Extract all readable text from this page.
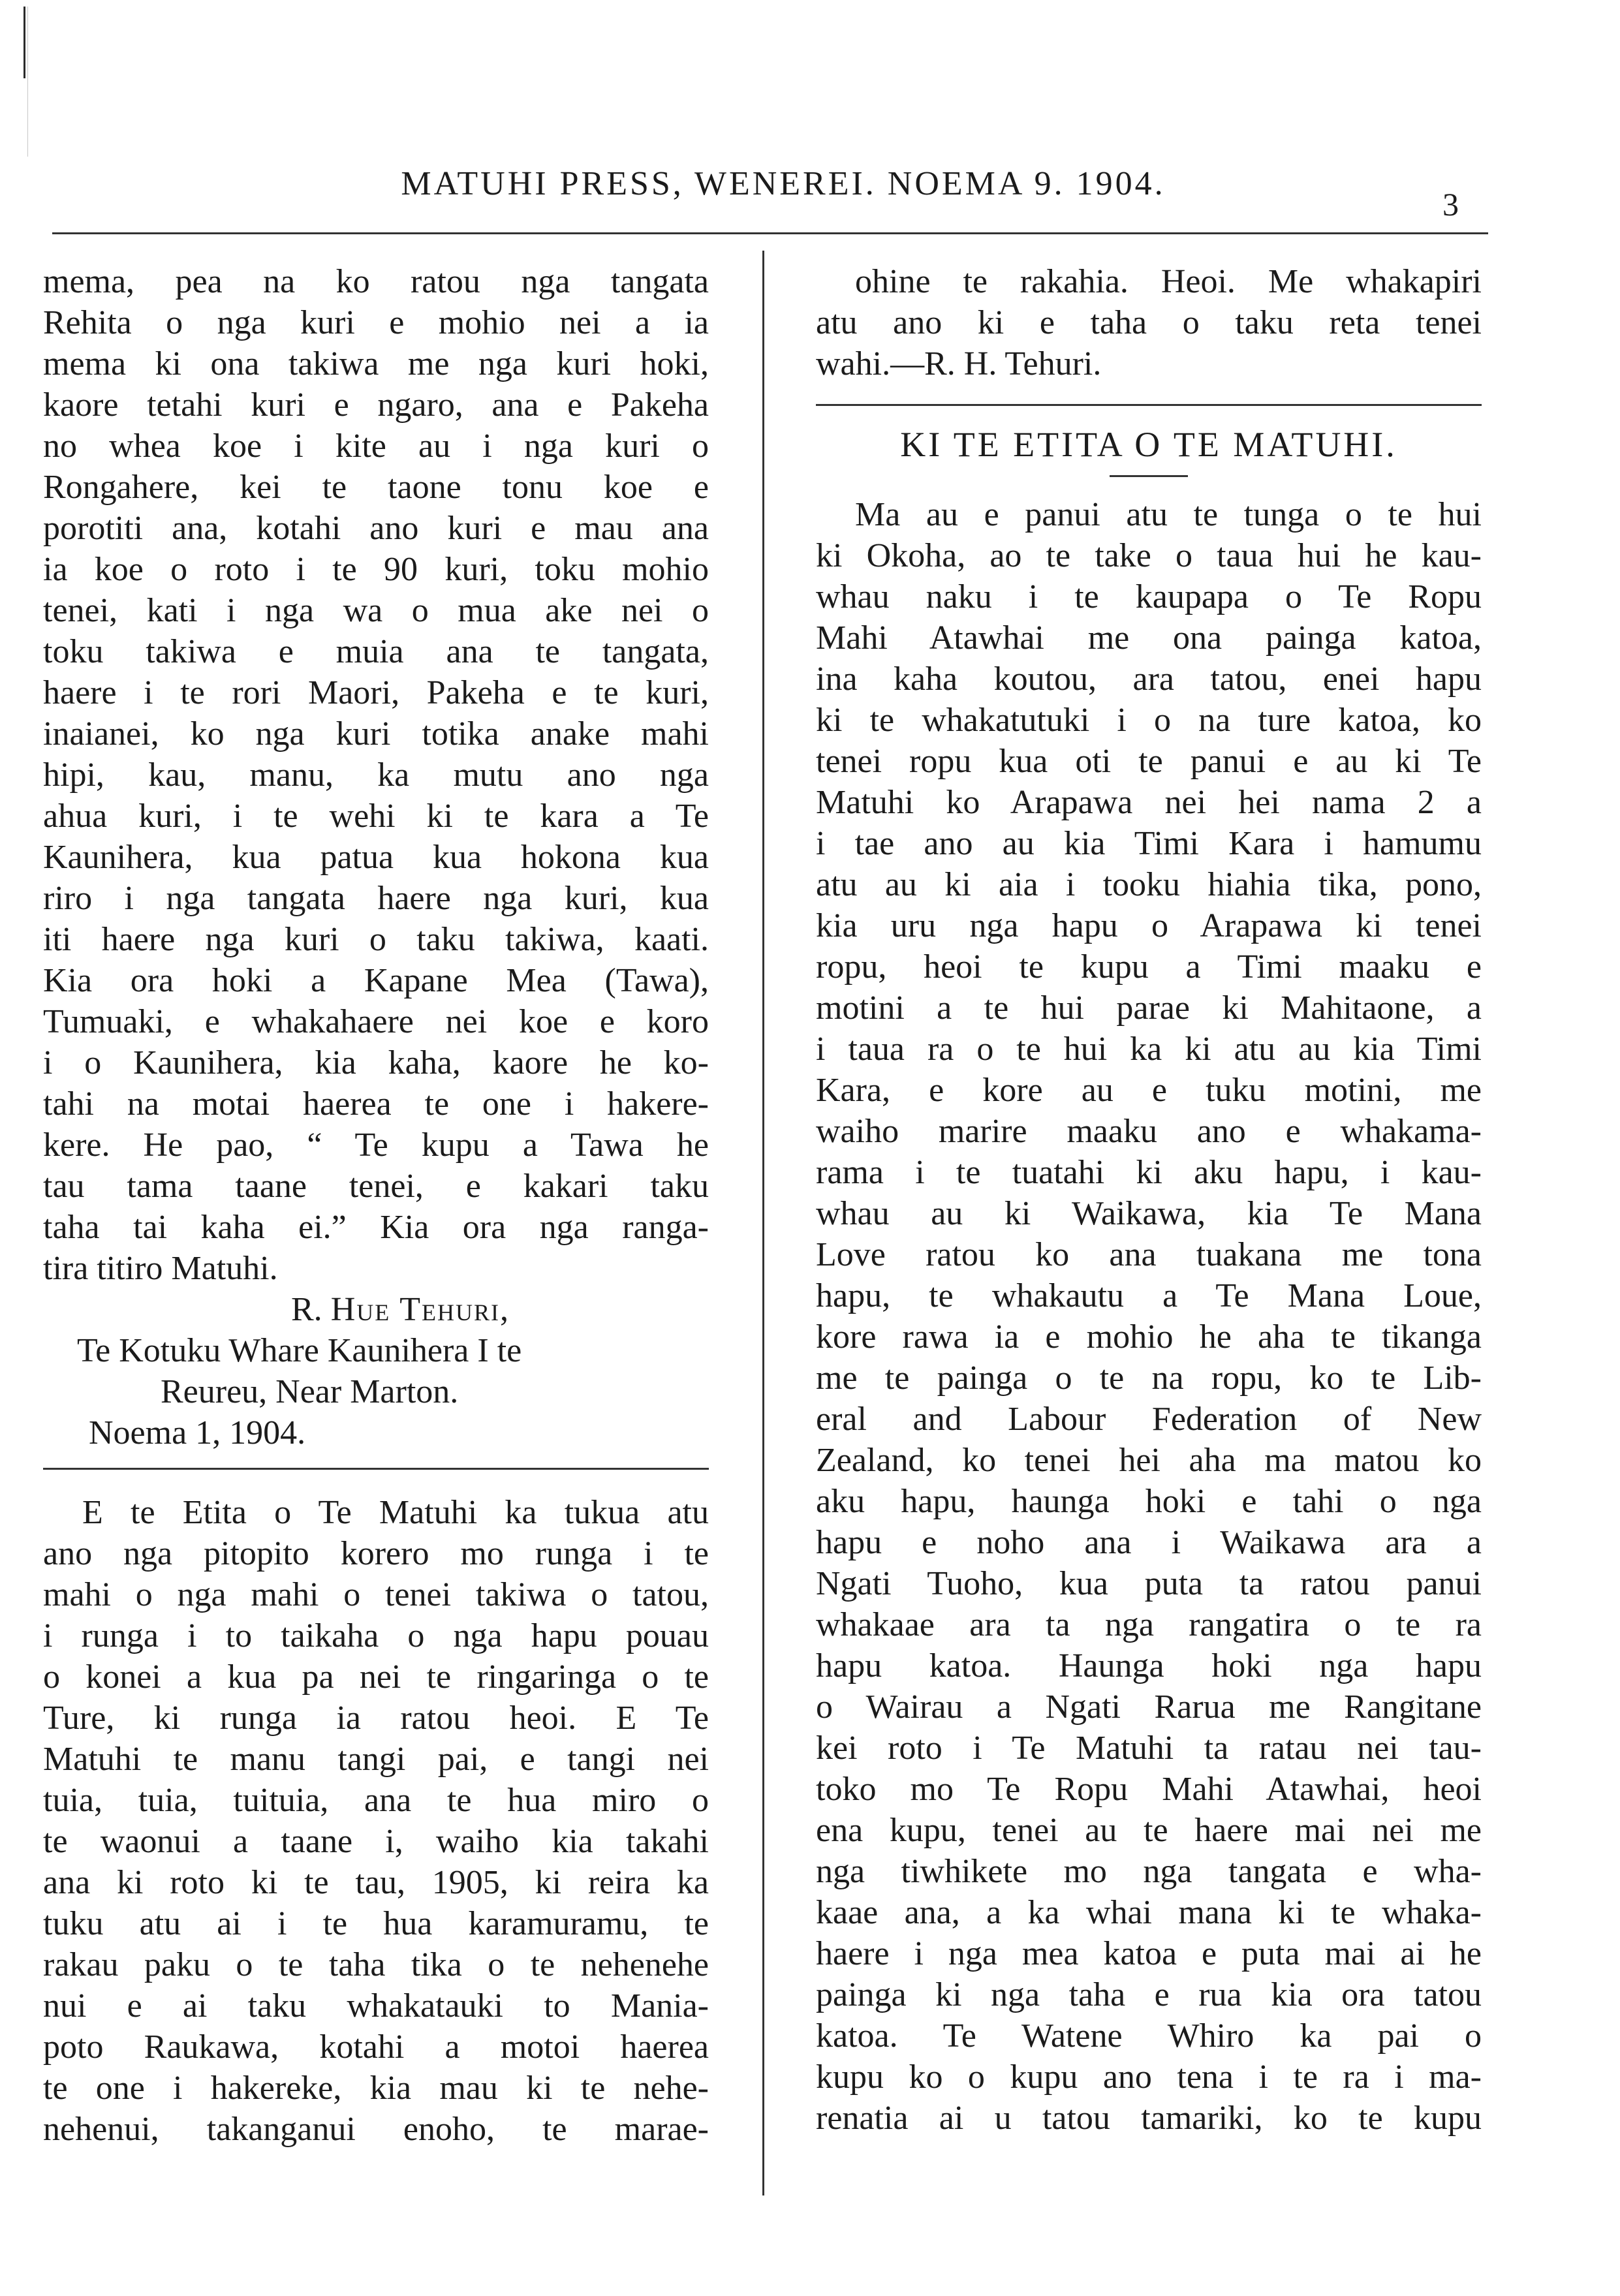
MATUHI PRESS, WENEREI. NOEMA 9. 1904.
3
mema, pea na ko ratou nga tangata
Rehita o nga kuri e mohio nei a ia
mema ki ona takiwa me nga kuri hoki,
kaore tetahi kuri e ngaro, ana e Pakeha
no whea koe i kite au i nga kuri o
Rongahere, kei te taone tonu koe e
porotiti ana, kotahi ano kuri e mau ana
ia koe o roto i te 90 kuri, toku mohio
tenei, kati i nga wa o mua ake nei o
toku takiwa e muia ana te tangata,
haere i te rori Maori, Pakeha e te kuri,
inaianei, ko nga kuri totika anake mahi
hipi, kau, manu, ka mutu ano nga
ahua kuri, i te wehi ki te kara a Te
Kaunihera, kua patua kua hokona kua
riro i nga tangata haere nga kuri, kua
iti haere nga kuri o taku takiwa, kaati.
Kia ora hoki a Kapane Mea (Tawa),
Tumuaki, e whakahaere nei koe e koro
i o Kaunihera, kia kaha, kaore he ko-
tahi na motai haerea te one i hakere-
kere. He pao, “ Te kupu a Tawa he
tau tama taane tenei, e kakari taku
taha tai kaha ei.” Kia ora nga ranga-
tira titiro Matuhi.
R. Hue Tehuri,
Te Kotuku Whare Kaunihera I te
Reureu, Near Marton.
Noema 1, 1904.
E te Etita o Te Matuhi ka tukua atu
ano nga pitopito korero mo runga i te
mahi o nga mahi o tenei takiwa o tatou,
i runga i to taikaha o nga hapu pouau
o konei a kua pa nei te ringaringa o te
Ture, ki runga ia ratou heoi. E Te
Matuhi te manu tangi pai, e tangi nei
tuia, tuia, tuituia, ana te hua miro o
te waonui a taane i, waiho kia takahi
ana ki roto ki te tau, 1905, ki reira ka
tuku atu ai i te hua karamuramu, te
rakau paku o te taha tika o te nehenehe
nui e ai taku whakatauki to Mania-
poto Raukawa, kotahi a motoi haerea
te one i hakereke, kia mau ki te nehe-
nehenui, takanganui enoho, te marae-
ohine te rakahia. Heoi. Me whakapiri
atu ano ki e taha o taku reta tenei
wahi.—R. H. Tehuri.
KI TE ETITA O TE MATUHI.
Ma au e panui atu te tunga o te hui
ki Okoha, ao te take o taua hui he kau-
whau naku i te kaupapa o Te Ropu
Mahi Atawhai me ona painga katoa,
ina kaha koutou, ara tatou, enei hapu
ki te whakatutuki i o na ture katoa, ko
tenei ropu kua oti te panui e au ki Te
Matuhi ko Arapawa nei hei nama 2 a
i tae ano au kia Timi Kara i hamumu
atu au ki aia i tooku hiahia tika, pono,
kia uru nga hapu o Arapawa ki tenei
ropu, heoi te kupu a Timi maaku e
motini a te hui parae ki Mahitaone, a
i taua ra o te hui ka ki atu au kia Timi
Kara, e kore au e tuku motini, me
waiho marire maaku ano e whakama-
rama i te tuatahi ki aku hapu, i kau-
whau au ki Waikawa, kia Te Mana
Love ratou ko ana tuakana me tona
hapu, te whakautu a Te Mana Loue,
kore rawa ia e mohio he aha te tikanga
me te painga o te na ropu, ko te Lib-
eral and Labour Federation of New
Zealand, ko tenei hei aha ma matou ko
aku hapu, haunga hoki e tahi o nga
hapu e noho ana i Waikawa ara a
Ngati Tuoho, kua puta ta ratou panui
whakaae ara ta nga rangatira o te ra
hapu katoa. Haunga hoki nga hapu
o Wairau a Ngati Rarua me Rangitane
kei roto i Te Matuhi ta ratau nei tau-
toko mo Te Ropu Mahi Atawhai, heoi
ena kupu, tenei au te haere mai nei me
nga tiwhikete mo nga tangata e wha-
kaae ana, a ka whai mana ki te whaka-
haere i nga mea katoa e puta mai ai he
painga ki nga taha e rua kia ora tatou
katoa. Te Watene Whiro ka pai o
kupu ko o kupu ano tena i te ra i ma-
renatia ai u tatou tamariki, ko te kupu
